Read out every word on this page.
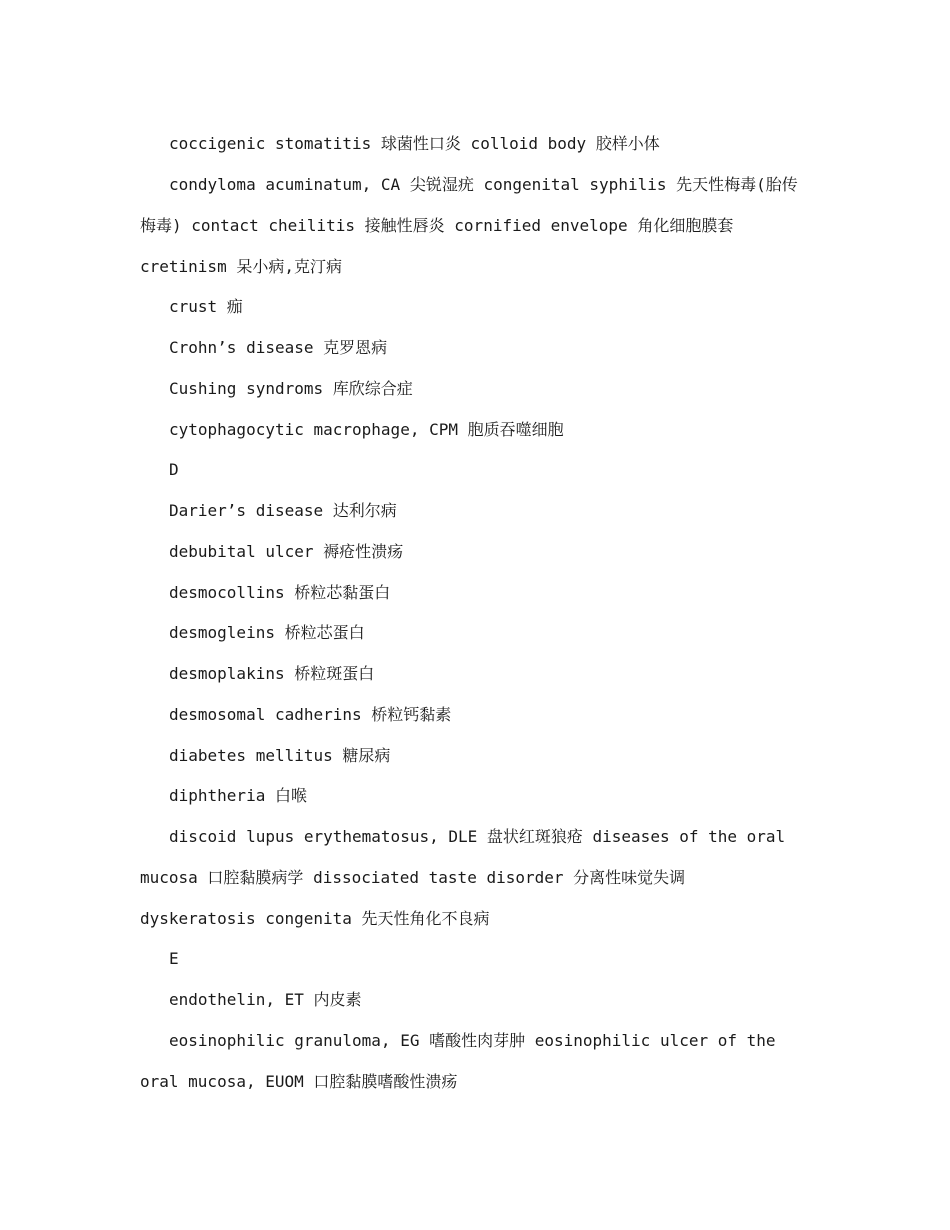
coccigenic stomatitis 球菌性口炎 colloid body 胶样小体

condyloma acuminatum, CA 尖锐湿疣 congenital syphilis 先天性梅毒(胎传梅毒) contact cheilitis 接触性唇炎 cornified envelope 角化细胞膜套 cretinism 呆小病,克汀病

crust 痂

Crohn’s disease 克罗恩病

Cushing syndroms 库欣综合症

cytophagocytic macrophage, CPM 胞质吞噬细胞

D

Darier’s disease 达利尔病

debubital ulcer 褥疮性溃疡

desmocollins 桥粒芯黏蛋白

desmogleins 桥粒芯蛋白

desmoplakins 桥粒斑蛋白

desmosomal cadherins 桥粒钙黏素

diabetes mellitus 糖尿病

diphtheria 白喉

discoid lupus erythematosus, DLE 盘状红斑狼疮 diseases of the oral mucosa 口腔黏膜病学 dissociated taste disorder 分离性味觉失调 dyskeratosis congenita 先天性角化不良病

E

endothelin, ET 内皮素

eosinophilic granuloma, EG 嗜酸性肉芽肿 eosinophilic ulcer of the oral mucosa, EUOM 口腔黏膜嗜酸性溃疡
